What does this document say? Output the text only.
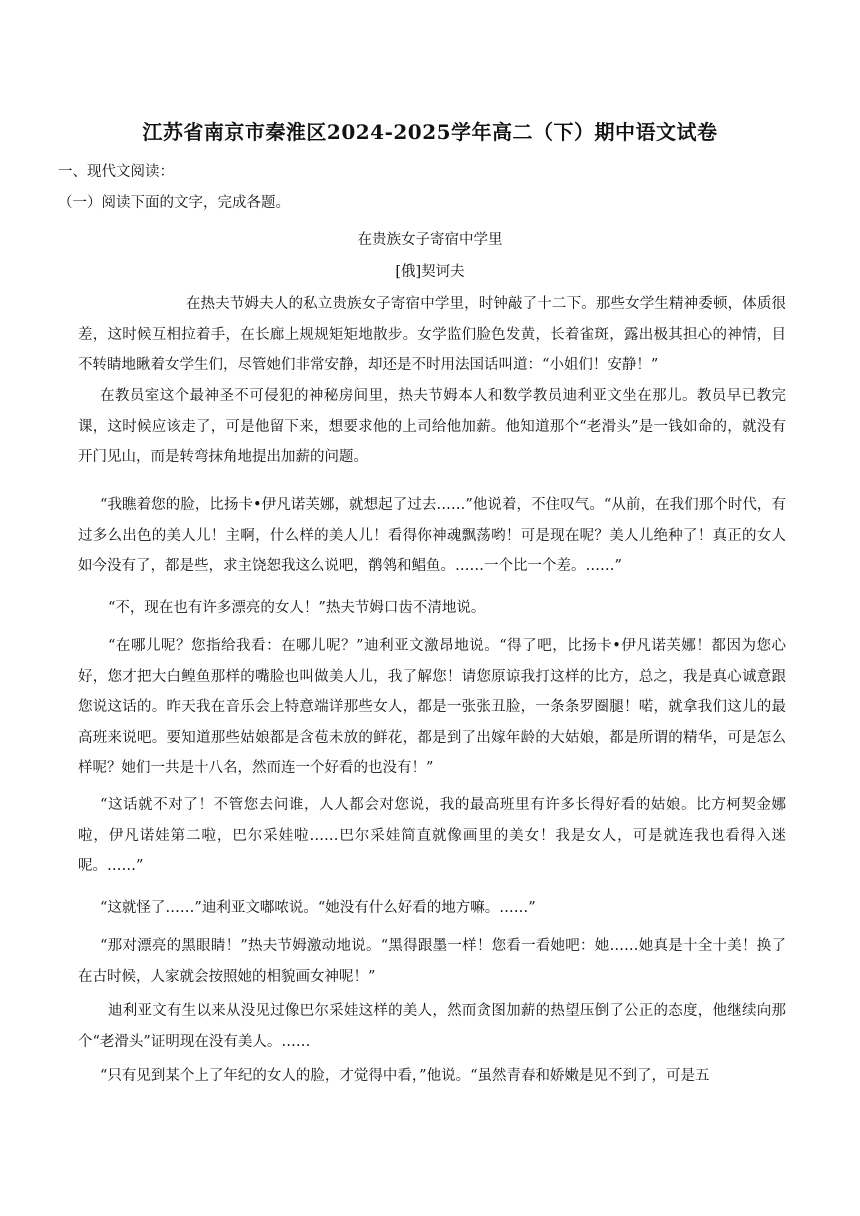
江苏省南京市秦淮区2024-2025学年高二（下）期中语文试卷
一、现代文阅读：
（一）阅读下面的文字，完成各题。
在贵族女子寄宿中学里
[俄]契诃夫
在热夫节姆夫人的私立贵族女子寄宿中学里，时钟敲了十二下。那些女学生精神委顿，体质很差，这时候互相拉着手，在长廊上规规矩矩地散步。女学监们脸色发黄，长着雀斑，露出极其担心的神情，目不转睛地瞅着女学生们，尽管她们非常安静，却还是不时用法国话叫道：“小姐们！安静！”
在教员室这个最神圣不可侵犯的神秘房间里，热夫节姆本人和数学教员迪利亚文坐在那儿。教员早已教完课，这时候应该走了，可是他留下来，想要求他的上司给他加薪。他知道那个“老滑头”是一钱如命的，就没有开门见山，而是转弯抹角地提出加薪的问题。
“我瞧着您的脸，比扬卡•伊凡诺芙娜，就想起了过去……”他说着，不住叹气。“从前，在我们那个时代，有过多么出色的美人儿！主啊，什么样的美人儿！看得你神魂飘荡哟！可是现在呢？美人儿绝种了！真正的女人如今没有了，都是些，求主饶恕我这么说吧，鹡鸰和鲳鱼。……一个比一个差。……”
“不，现在也有许多漂亮的女人！”热夫节姆口齿不清地说。
“在哪儿呢？您指给我看：在哪儿呢？”迪利亚文激昂地说。“得了吧，比扬卡•伊凡诺芙娜！都因为您心好，您才把大白鳇鱼那样的嘴脸也叫做美人儿，我了解您！请您原谅我打这样的比方，总之，我是真心诚意跟您说这话的。昨天我在音乐会上特意端详那些女人，都是一张张丑脸，一条条罗圈腿！喏，就拿我们这儿的最高班来说吧。要知道那些姑娘都是含苞未放的鲜花，都是到了出嫁年龄的大姑娘，都是所谓的精华，可是怎么样呢？她们一共是十八名，然而连一个好看的也没有！”
“这话就不对了！不管您去问谁，人人都会对您说，我的最高班里有许多长得好看的姑娘。比方柯契金娜啦，伊凡诺娃第二啦，巴尔采娃啦……巴尔采娃简直就像画里的美女！我是女人，可是就连我也看得入迷呢。……”
“这就怪了……”迪利亚文嘟哝说。“她没有什么好看的地方嘛。……”
“那对漂亮的黑眼睛！”热夫节姆激动地说。“黑得跟墨一样！您看一看她吧：她……她真是十全十美！换了在古时候，人家就会按照她的相貌画女神呢！”
迪利亚文有生以来从没见过像巴尔采娃这样的美人，然而贪图加薪的热望压倒了公正的态度，他继续向那个“老滑头”证明现在没有美人。……
“只有见到某个上了年纪的女人的脸，才觉得中看，”他说。“虽然青春和娇嫩是见不到了，可是五
